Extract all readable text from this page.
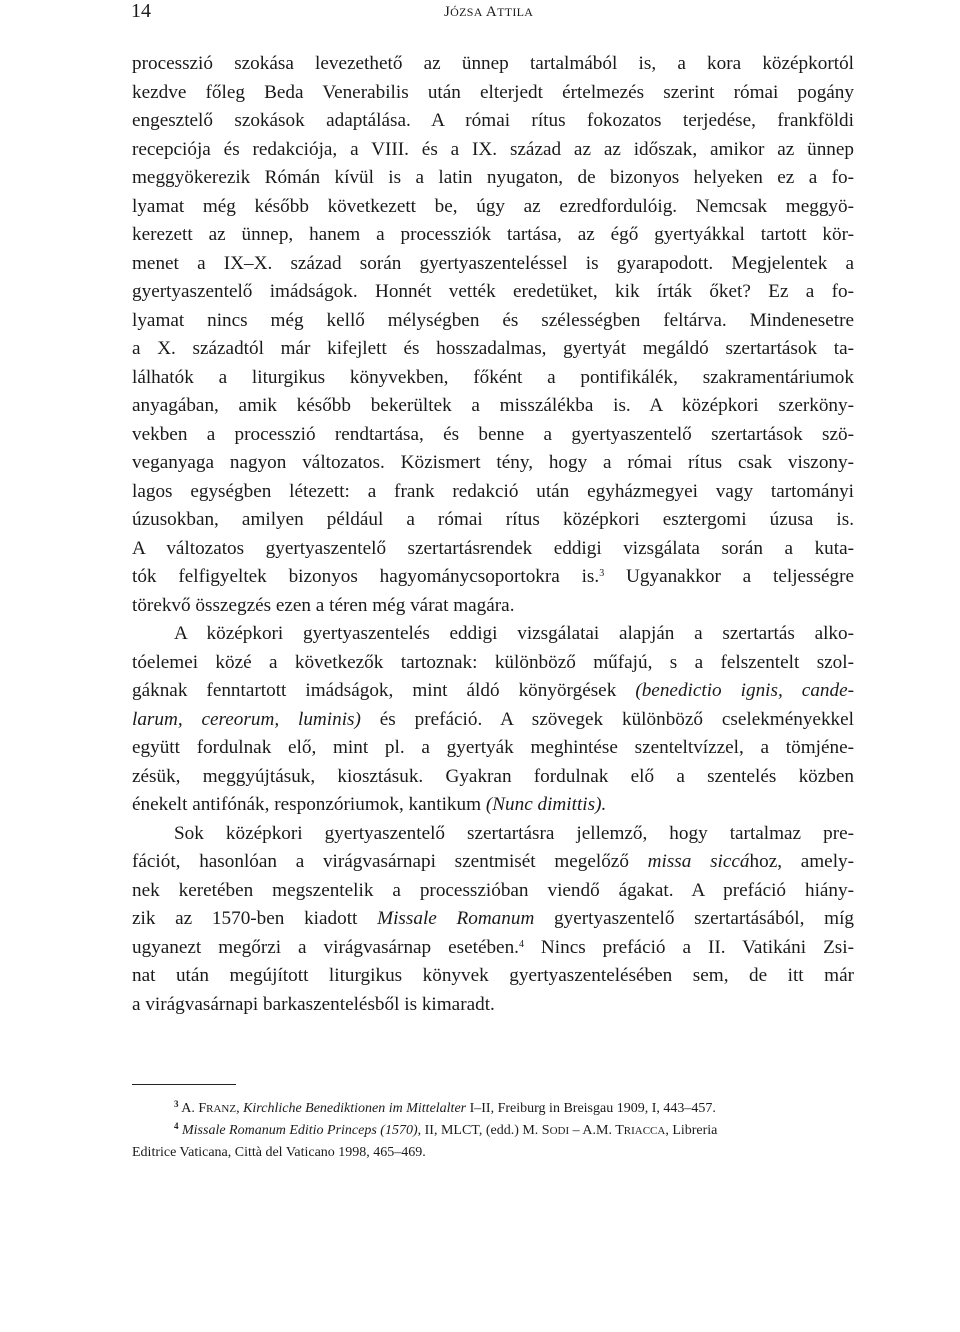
14	JÓZSA ATTILA
processzió szokása levezethető az ünnep tartalmából is, a kora középkortól
kezdve főleg Beda Venerabilis után elterjedt értelmezés szerint római pogány
engesztelő szokások adaptálása. A római rítus fokozatos terjedése, frankföldi
recepciója és redakciója, a VIII. és a IX. század az az időszak, amikor az ünnep
meggyökerezik Rómán kívül is a latin nyugaton, de bizonyos helyeken ez a fo-
lyamat még később következett be, úgy az ezredfordulóig. Nemcsak meggyö-
kerezett az ünnep, hanem a processziók tartása, az égő gyertyákkal tartott kör-
menet a IX–X. század során gyertyaszenteléssel is gyarapodott. Megjelentek a
gyertyaszentelő imádságok. Honnét vették eredetüket, kik írták őket? Ez a fo-
lyamat nincs még kellő mélységben és szélességben feltárva. Mindenesetre
a X. századtól már kifejlett és hosszadalmas, gyertyát megáldó szertartások ta-
lálhatók a liturgikus könyvekben, főként a pontifikálék, szakramentáriumok
anyagában, amik később bekerültek a misszálékba is. A középkori szerköny-
vekben a processzió rendtartása, és benne a gyertyaszentelő szertartások szö-
veganyaga nagyon változatos. Közismert tény, hogy a római rítus csak viszony-
lagos egységben létezett: a frank redakció után egyházmegyei vagy tartományi
úzusokban, amilyen például a római rítus középkori esztergomi úzusa is.
A változatos gyertyaszentelő szertartásrendek eddigi vizsgálata során a kuta-
tók felfigyeltek bizonyos hagyománycsoportokra is.$^3$ Ugyanakkor a teljességre
törekvő összegzés ezen a téren még várat magára.
A középkori gyertyaszentelés eddigi vizsgálatai alapján a szertartás alko-
tóelemei közé a következők tartoznak: különböző műfajú, s a felszentelt szol-
gáknak fenntartott imádságok, mint áldó könyörgések (benedictio ignis, cande-
larum, cereorum, luminis) és prefáció. A szövegek különböző cselekményekkel
együtt fordulnak elő, mint pl. a gyertyák meghintése szenteltvízzel, a tömjéne-
zésük, meggyújtásuk, kiosztásuk. Gyakran fordulnak elő a szentelés közben
énekelt antifónák, responzóriumok, kantikum (Nunc dimittis).
Sok középkori gyertyaszentelő szertartásra jellemző, hogy tartalmaz pre-
fációt, hasonlóan a virágvasárnapi szentmisét megelőző missa siccához, amely-
nek keretében megszentelik a processzióban viendő ágakat. A prefáció hiány-
zik az 1570-ben kiadott Missale Romanum gyertyaszentelő szertartásából, míg
ugyanezt megőrzi a virágvasárnap esetében.$^4$ Nincs prefáció a II. Vatikáni Zsi-
nat után megújított liturgikus könyvek gyertyaszentelésében sem, de itt már
a virágvasárnapi barkaszentelésből is kimaradt.
$^3$ A. FRANZ, Kirchliche Benediktionen im Mittelalter I–II, Freiburg in Breisgau 1909, I, 443–457.
$^4$ Missale Romanum Editio Princeps (1570), II, MLCT, (edd.) M. SODI – A.M. TRIACCA, Libreria
Editrice Vaticana, Città del Vaticano 1998, 465–469.
